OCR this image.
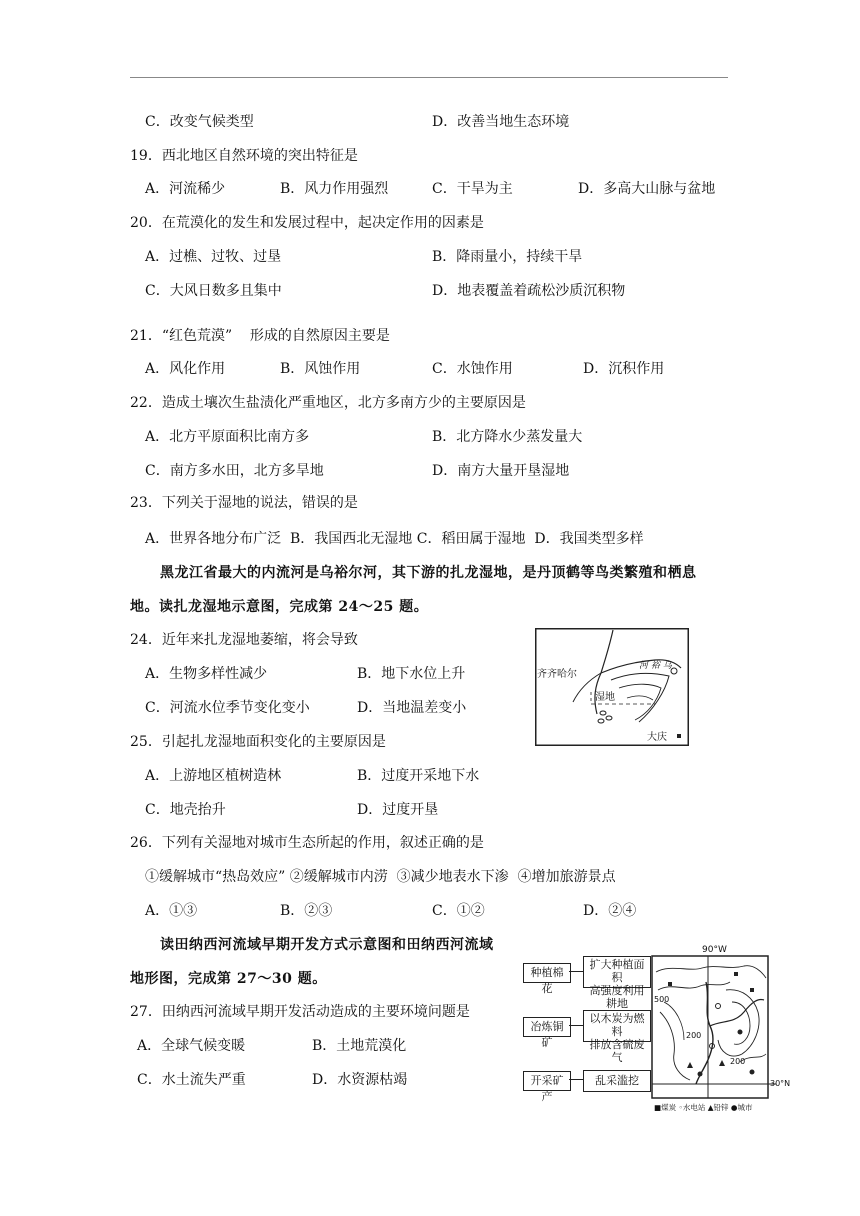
C．改变气候类型	D．改善当地生态环境
19．西北地区自然环境的突出特征是
A．河流稀少	B．风力作用强烈	C．干旱为主	D．多高大山脉与盆地
20．在荒漠化的发生和发展过程中，起决定作用的因素是
A．过樵、过牧、过垦	B．降雨量小，持续干旱
C．大风日数多且集中	D．地表覆盖着疏松沙质沉积物
21．“红色荒漠”    形成的自然原因主要是
A．风化作用	B．风蚀作用	C．水蚀作用	D．沉积作用
22．造成土壤次生盐渍化严重地区，北方多南方少的主要原因是
A．北方平原面积比南方多	B．北方降水少蒸发量大
C．南方多水田，北方多旱地	D．南方大量开垦湿地
23．下列关于湿地的说法，错误的是
A．世界各地分布广泛  B．我国西北无湿地 C．稻田属于湿地  D．我国类型多样
黑龙江省最大的内流河是乌裕尔河，其下游的扎龙湿地，是丹顶鹤等鸟类繁殖和栖息
地。读扎龙湿地示意图，完成第 24～25 题。
24．近年来扎龙湿地萎缩，将会导致
A．生物多样性减少	B．地下水位上升
C．河流水位季节变化变小	D．当地温差变小
齐齐哈尔
大庆
河 裕 乌
湿地
25．引起扎龙湿地面积变化的主要原因是
A．上游地区植树造林	B．过度开采地下水
C．地壳抬升	D．过度开垦
26．下列有关湿地对城市生态所起的作用，叙述正确的是
①缓解城市“热岛效应” ②缓解城市内涝  ③减少地表水下渗  ④增加旅游景点
A．①③	B．②③	C．①②	D．②④
读田纳西河流域早期开发方式示意图和田纳西河流域
地形图，完成第 27～30 题。
27．田纳西河流域早期开发活动造成的主要环境问题是
A．全球气候变暖	B．土地荒漠化
C．水土流失严重	D．水资源枯竭
种植棉花
扩大种植面积
高强度利用耕地
冶炼铜矿
以木炭为燃料
排放含硫废气
开采矿产
乱采滥挖
90°W
500
200
200
30°N
■煤炭 ◦水电站 ▲铅锌 ●城市
